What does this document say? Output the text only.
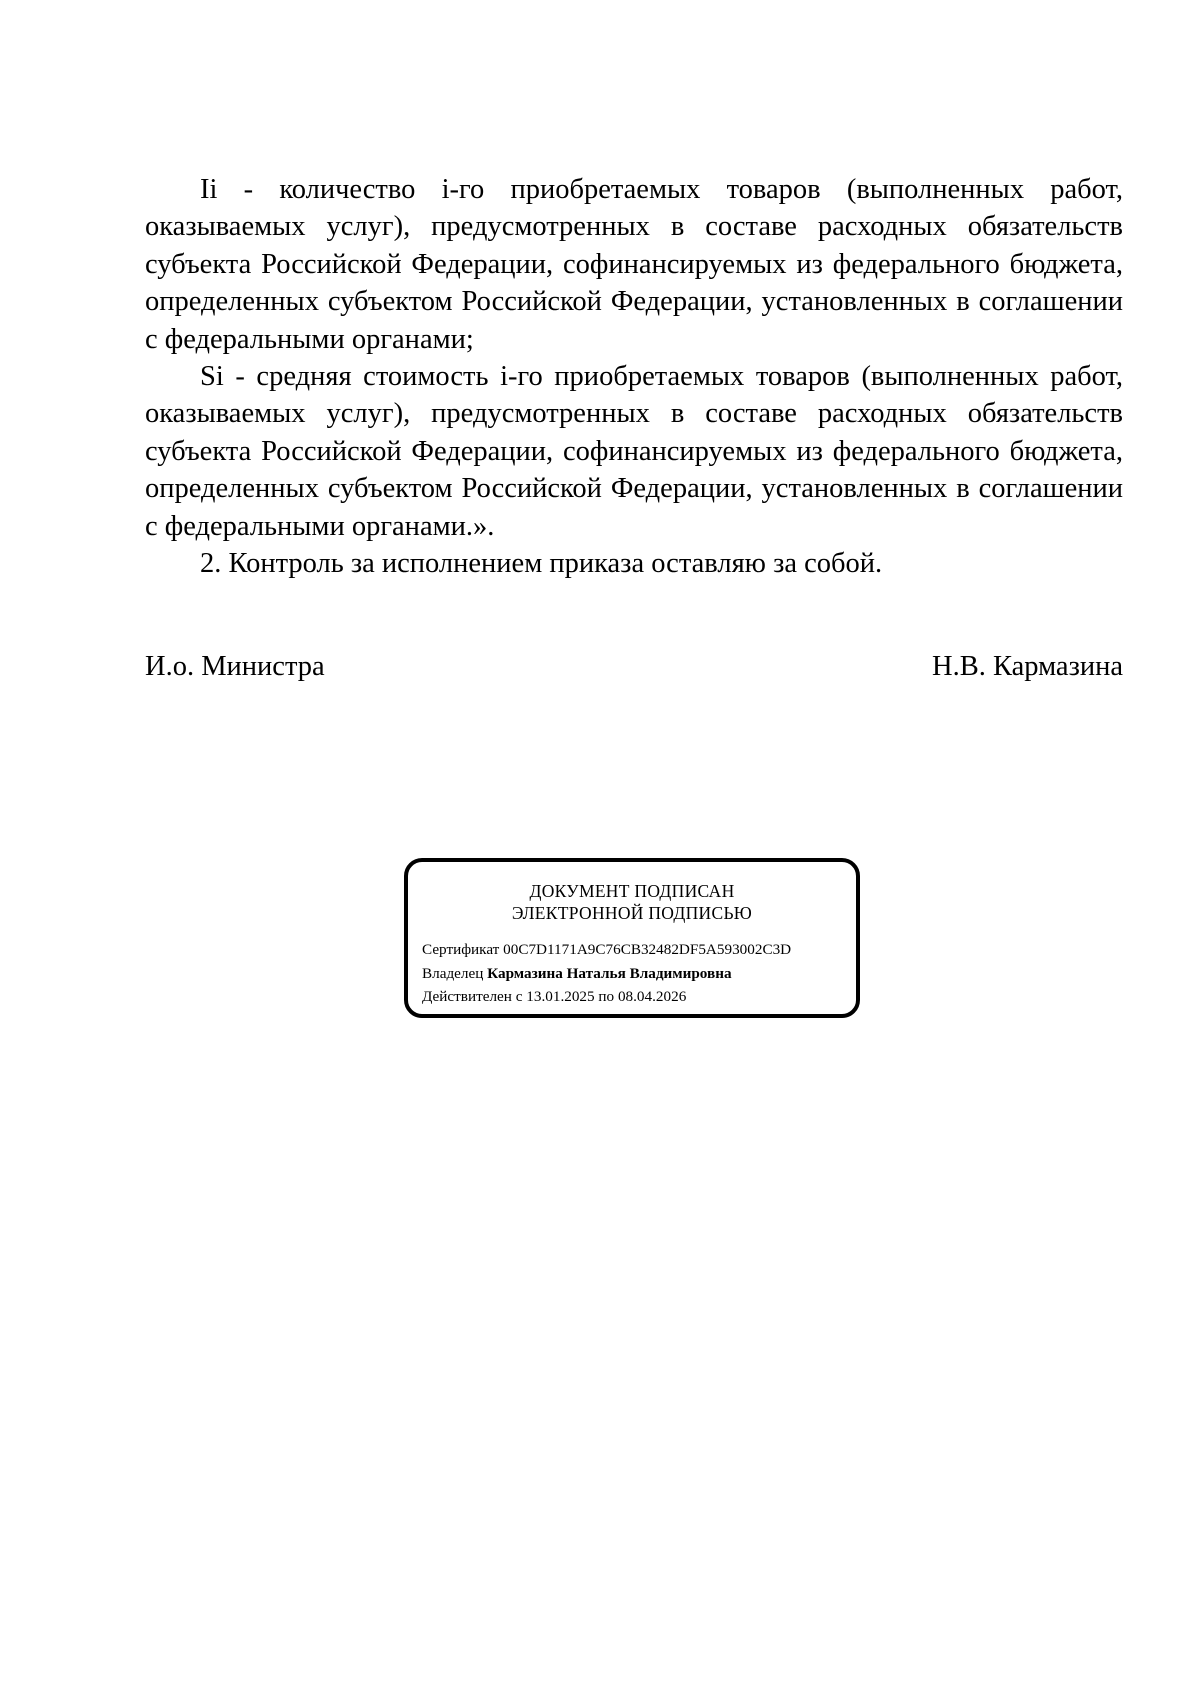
Ii - количество i-го приобретаемых товаров (выполненных работ, оказываемых услуг), предусмотренных в составе расходных обязательств субъекта Российской Федерации, софинансируемых из федерального бюджета, определенных субъектом Российской Федерации, установленных в соглашении с федеральными органами;

Si - средняя стоимость i-го приобретаемых товаров (выполненных работ, оказываемых услуг), предусмотренных в составе расходных обязательств субъекта Российской Федерации, софинансируемых из федерального бюджета, определенных субъектом Российской Федерации, установленных в соглашении с федеральными органами.».

2. Контроль за исполнением приказа оставляю за собой.

И.о. Министра	Н.В. Кармазина
ДОКУМЕНТ ПОДПИСАН
ЭЛЕКТРОННОЙ ПОДПИСЬЮ
Сертификат 00C7D1171A9C76CB32482DF5A593002C3D
Владелец Кармазина Наталья Владимировна
Действителен с 13.01.2025 по 08.04.2026
